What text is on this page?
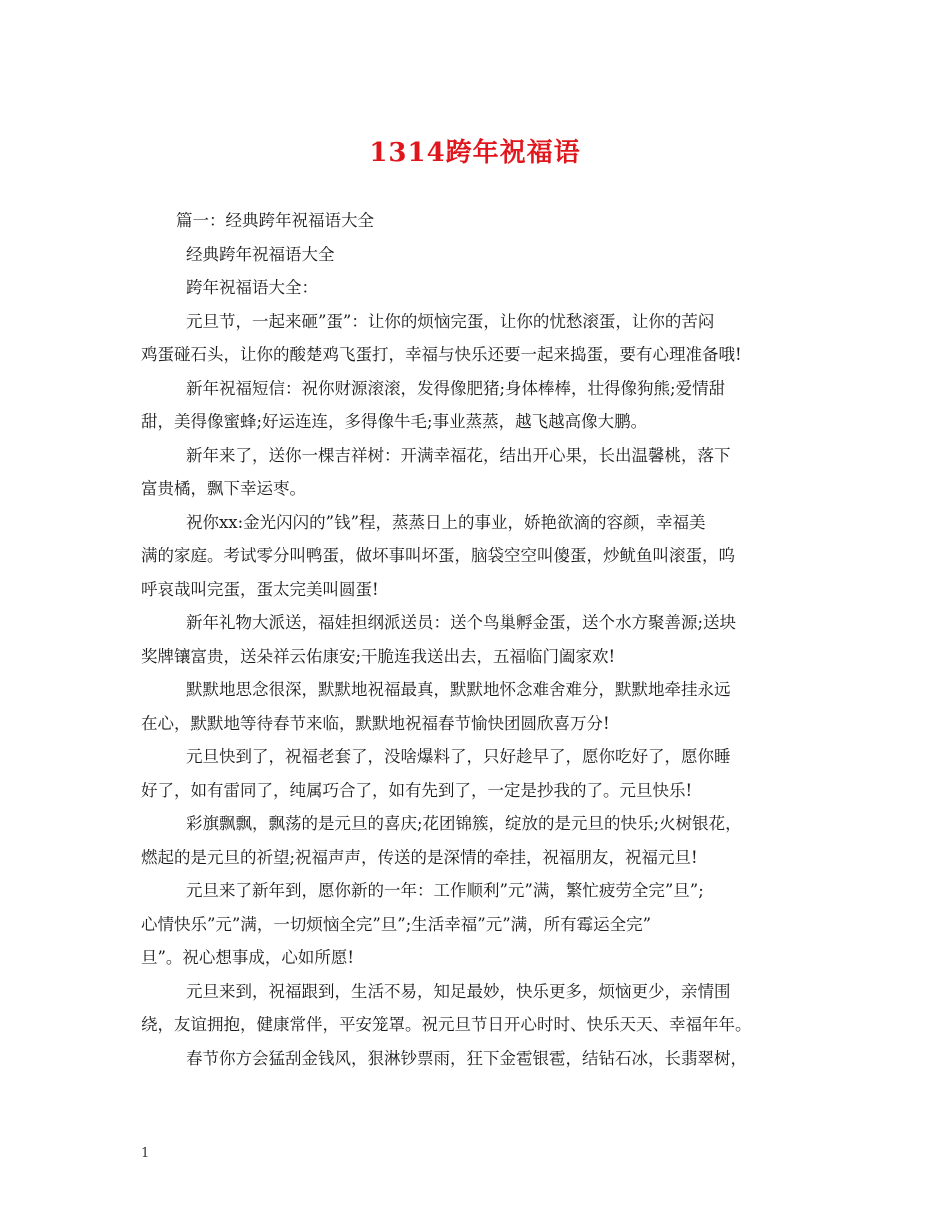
1314跨年祝福语
篇一：经典跨年祝福语大全
经典跨年祝福语大全
跨年祝福语大全：
元旦节，一起来砸”蛋”：让你的烦恼完蛋，让你的忧愁滚蛋，让你的苦闷
鸡蛋碰石头，让你的酸楚鸡飞蛋打，幸福与快乐还要一起来捣蛋，要有心理准备哦!
新年祝福短信：祝你财源滚滚，发得像肥猪;身体棒棒，壮得像狗熊;爱情甜
甜，美得像蜜蜂;好运连连，多得像牛毛;事业蒸蒸，越飞越高像大鹏。
新年来了，送你一棵吉祥树：开满幸福花，结出开心果，长出温馨桃，落下
富贵橘，飘下幸运枣。
祝你xx:金光闪闪的”钱”程，蒸蒸日上的事业，娇艳欲滴的容颜，幸福美
满的家庭。考试零分叫鸭蛋，做坏事叫坏蛋，脑袋空空叫傻蛋，炒鱿鱼叫滚蛋，呜
呼哀哉叫完蛋，蛋太完美叫圆蛋!
新年礼物大派送，福娃担纲派送员：送个鸟巢孵金蛋，送个水方聚善源;送块
奖牌镶富贵，送朵祥云佑康安;干脆连我送出去，五福临门阖家欢!
默默地思念很深，默默地祝福最真，默默地怀念难舍难分，默默地牵挂永远
在心，默默地等待春节来临，默默地祝福春节愉快团圆欣喜万分!
元旦快到了，祝福老套了，没啥爆料了，只好趁早了，愿你吃好了，愿你睡
好了，如有雷同了，纯属巧合了，如有先到了，一定是抄我的了。元旦快乐!
彩旗飘飘，飘荡的是元旦的喜庆;花团锦簇，绽放的是元旦的快乐;火树银花，
燃起的是元旦的祈望;祝福声声，传送的是深情的牵挂，祝福朋友，祝福元旦!
元旦来了新年到，愿你新的一年：工作顺利”元”满，繁忙疲劳全完”旦”;
心情快乐”元”满，一切烦恼全完”旦”;生活幸福”元”满，所有霉运全完”
旦”。祝心想事成，心如所愿!
元旦来到，祝福跟到，生活不易，知足最妙，快乐更多，烦恼更少，亲情围
绕，友谊拥抱，健康常伴，平安笼罩。祝元旦节日开心时时、快乐天天、幸福年年。
春节你方会猛刮金钱风，狠淋钞票雨，狂下金雹银雹，结钻石冰，长翡翠树，
1
